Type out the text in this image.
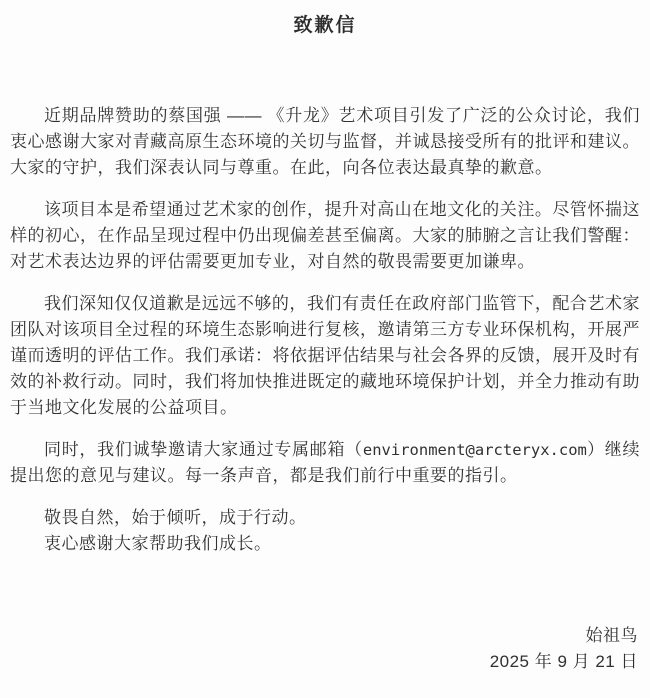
致歉信

近期品牌赞助的蔡国强 —— 《升龙》艺术项目引发了广泛的公众讨论，我们衷心感谢大家对青藏高原生态环境的关切与监督，并诚恳接受所有的批评和建议。大家的守护，我们深表认同与尊重。在此，向各位表达最真挚的歉意。

该项目本是希望通过艺术家的创作，提升对高山在地文化的关注。尽管怀揣这样的初心，在作品呈现过程中仍出现偏差甚至偏离。大家的肺腑之言让我们警醒：对艺术表达边界的评估需要更加专业，对自然的敬畏需要更加谦卑。

我们深知仅仅道歉是远远不够的，我们有责任在政府部门监管下，配合艺术家团队对该项目全过程的环境生态影响进行复核，邀请第三方专业环保机构，开展严谨而透明的评估工作。我们承诺：将依据评估结果与社会各界的反馈，展开及时有效的补救行动。同时，我们将加快推进既定的藏地环境保护计划，并全力推动有助于当地文化发展的公益项目。

同时，我们诚挚邀请大家通过专属邮箱（environment@arcteryx.com）继续提出您的意见与建议。每一条声音，都是我们前行中重要的指引。

敬畏自然，始于倾听，成于行动。

衷心感谢大家帮助我们成长。

始祖鸟
2025 年 9 月 21 日
